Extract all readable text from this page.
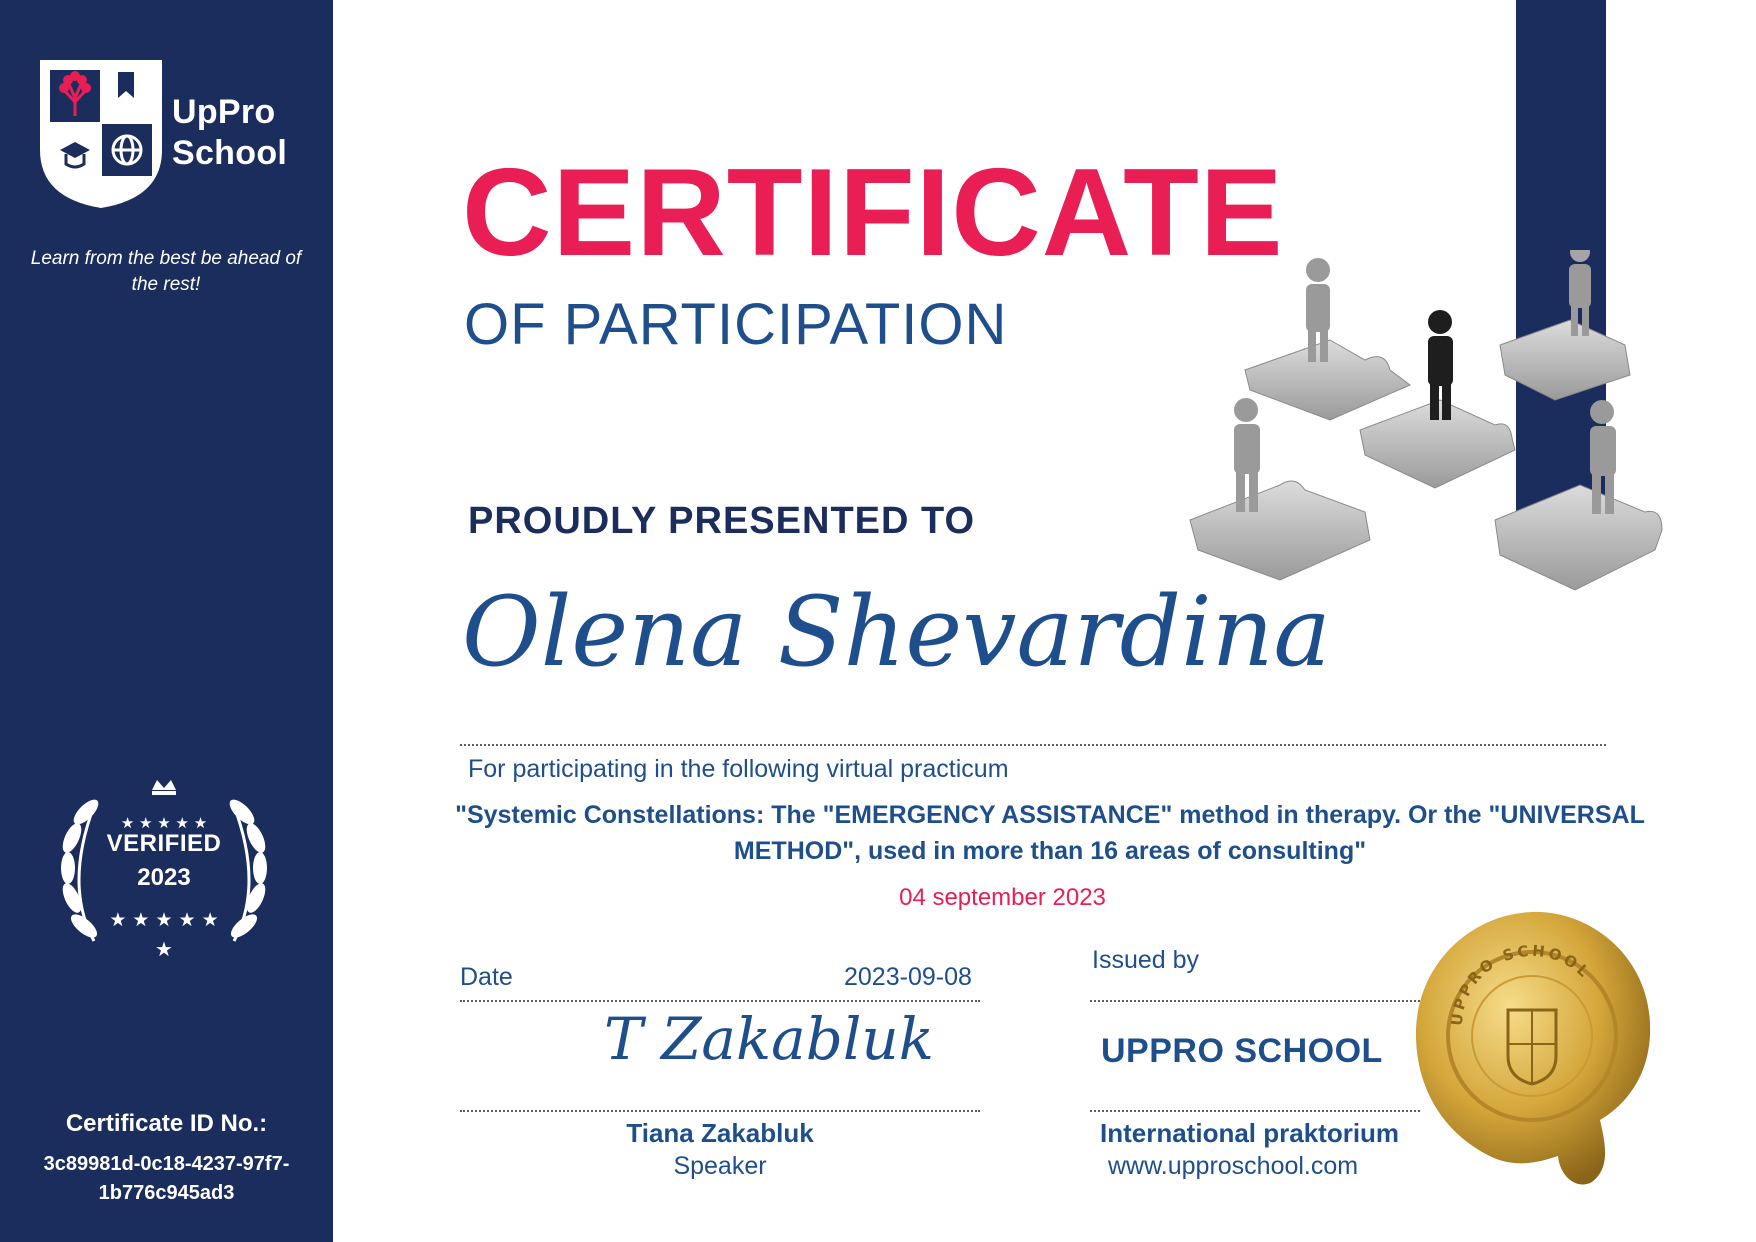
UpPro
School
Learn from the best be ahead of the rest!
★ ★ ★ ★ ★
★ ★ ★ ★ ★
★
VERIFIED
2023
Certificate ID No.:
3c89981d-0c18-4237-97f7-1b776c945ad3
CERTIFICATE
OF PARTICIPATION
PROUDLY PRESENTED TO
Olena Shevardina
For participating in the following virtual practicum
"Systemic Constellations: The "EMERGENCY ASSISTANCE" method in therapy. Or the "UNIVERSAL METHOD", used in more than 16 areas of consulting"
04 september 2023
Date	2023-09-08
T Zakabluk
Tiana Zakabluk
Speaker
Issued by
UPPRO SCHOOL
International praktorium
www.upproschool.com
UPPRO SCHOOL
